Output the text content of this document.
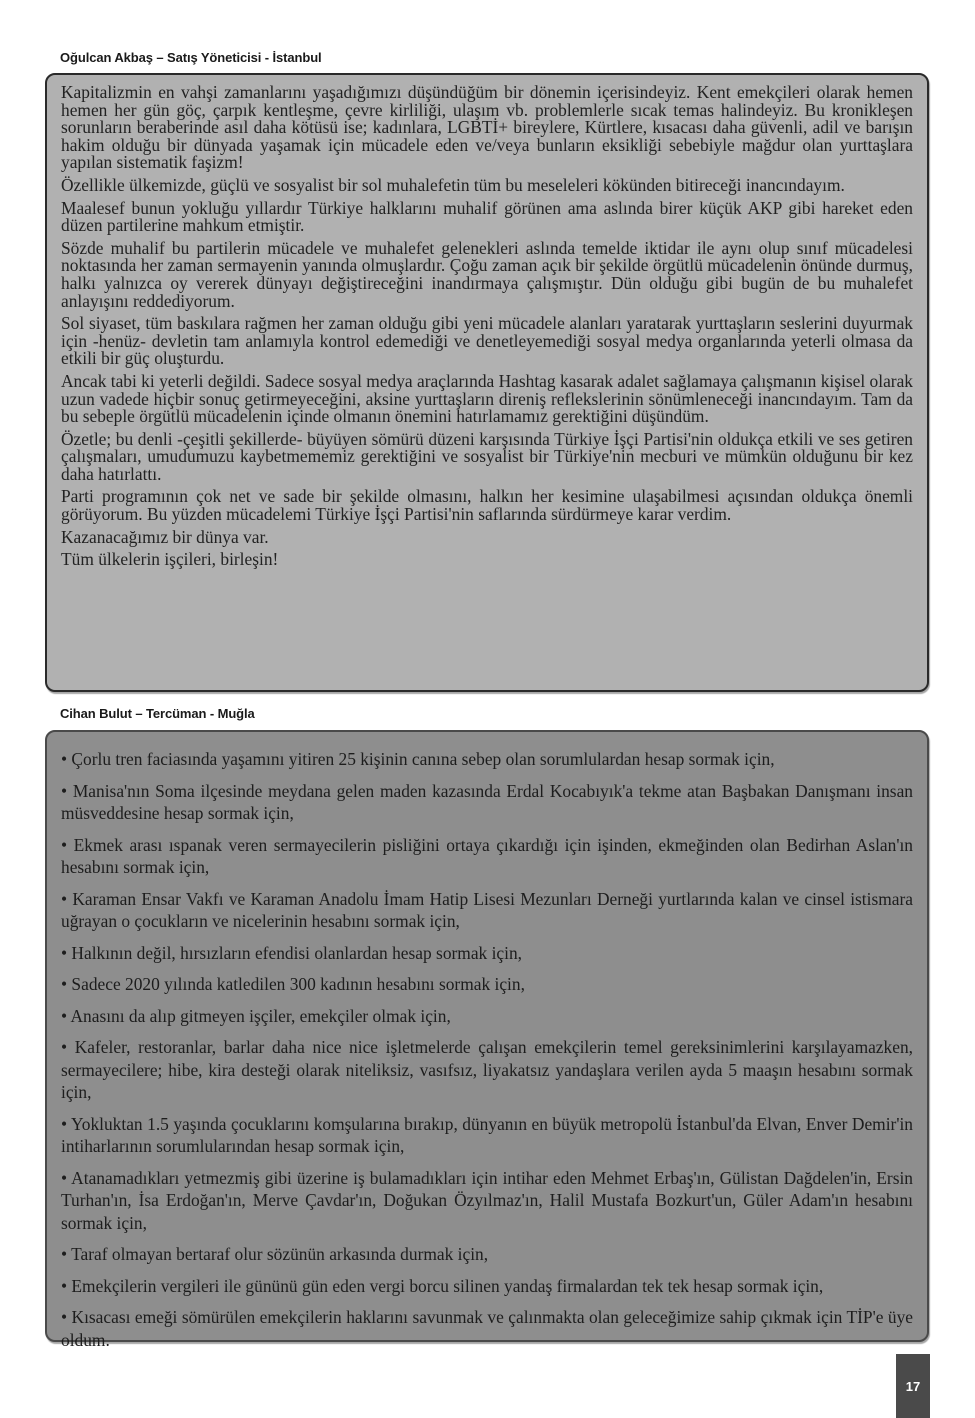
Oğulcan Akbaş – Satış Yöneticisi - İstanbul

Kapitalizmin en vahşi zamanlarını yaşadığımızı düşündüğüm bir dönemin içerisindeyiz. Kent emekçileri olarak hemen hemen her gün göç, çarpık kentleşme, çevre kirliliği, ulaşım vb. problemlerle sıcak temas halindeyiz. Bu kronikleşen sorunların beraberinde asıl daha kötüsü ise; kadınlara, LGBTİ+ bireylere, Kürtlere, kısacası daha güvenli, adil ve barışın hakim olduğu bir dünyada yaşamak için mücadele eden ve/veya bunların eksikliği sebebiyle mağdur olan yurttaşlara yapılan sistematik faşizm!

Özellikle ülkemizde, güçlü ve sosyalist bir sol muhalefetin tüm bu meseleleri kökünden bitireceği inancındayım.

Maalesef bunun yokluğu yıllardır Türkiye halklarını muhalif görünen ama aslında birer küçük AKP gibi hareket eden düzen partilerine mahkum etmiştir.

Sözde muhalif bu partilerin mücadele ve muhalefet gelenekleri aslında temelde iktidar ile aynı olup sınıf mücadelesi noktasında her zaman sermayenin yanında olmuşlardır. Çoğu zaman açık bir şekilde örgütlü mücadelenin önünde durmuş, halkı yalnızca oy vererek dünyayı değiştireceğini inandırmaya çalışmıştır. Dün olduğu gibi bugün de bu muhalefet anlayışını reddediyorum.

Sol siyaset, tüm baskılara rağmen her zaman olduğu gibi yeni mücadele alanları yaratarak yurttaşların seslerini duyurmak için -henüz- devletin tam anlamıyla kontrol edemediği ve denetleyemediği sosyal medya organlarında yeterli olmasa da etkili bir güç oluşturdu.

Ancak tabi ki yeterli değildi. Sadece sosyal medya araçlarında Hashtag kasarak adalet sağlamaya çalışmanın kişisel olarak uzun vadede hiçbir sonuç getirmeyeceğini, aksine yurttaşların direniş reflekslerinin sönümleneceği inancındayım. Tam da bu sebeple örgütlü mücadelenin içinde olmanın önemini hatırlamamız gerektiğini düşündüm.

Özetle; bu denli -çeşitli şekillerde- büyüyen sömürü düzeni karşısında Türkiye İşçi Partisi'nin oldukça etkili ve ses getiren çalışmaları, umudumuzu kaybetmememiz gerektiğini ve sosyalist bir Türkiye'nin mecburi ve mümkün olduğunu bir kez daha hatırlattı.

Parti programının çok net ve sade bir şekilde olmasını, halkın her kesimine ulaşabilmesi açısından oldukça önemli görüyorum. Bu yüzden mücadelemi Türkiye İşçi Partisi'nin saflarında sürdürmeye karar verdim.

Kazanacağımız bir dünya var.

Tüm ülkelerin işçileri, birleşin!

Cihan Bulut – Tercüman - Muğla

• Çorlu tren faciasında yaşamını yitiren 25 kişinin canına sebep olan sorumlulardan hesap sormak için,

• Manisa'nın Soma ilçesinde meydana gelen maden kazasında Erdal Kocabıyık'a tekme atan Başbakan Danışmanı insan müsveddesine hesap sormak için,

• Ekmek arası ıspanak veren sermayecilerin pisliğini ortaya çıkardığı için işinden, ekmeğinden olan Bedirhan Aslan'ın hesabını sormak için,

• Karaman Ensar Vakfı ve Karaman Anadolu İmam Hatip Lisesi Mezunları Derneği yurtlarında kalan ve cinsel istismara uğrayan o çocukların ve nicelerinin hesabını sormak için,

• Halkının değil, hırsızların efendisi olanlardan hesap sormak için,

• Sadece 2020 yılında katledilen 300 kadının hesabını sormak için,

• Anasını da alıp gitmeyen işçiler, emekçiler olmak için,

• Kafeler, restoranlar, barlar daha nice nice işletmelerde çalışan emekçilerin temel gereksinimlerini karşılayamazken, sermayecilere; hibe, kira desteği olarak niteliksiz, vasıfsız, liyakatsız yandaşlara verilen ayda 5 maaşın hesabını sormak için,

• Yokluktan 1.5 yaşında çocuklarını komşularına bırakıp, dünyanın en büyük metropolü İstanbul'da Elvan, Enver Demir'in intiharlarının sorumlularından hesap sormak için,

• Atanamadıkları yetmezmiş gibi üzerine iş bulamadıkları için intihar eden Mehmet Erbaş'ın, Gülistan Dağdelen'in, Ersin Turhan'ın, İsa Erdoğan'ın, Merve Çavdar'ın, Doğukan Özyılmaz'ın, Halil Mustafa Bozkurt'un, Güler Adam'ın hesabını sormak için,

• Taraf olmayan bertaraf olur sözünün arkasında durmak için,

• Emekçilerin vergileri ile gününü gün eden vergi borcu silinen yandaş firmalardan tek tek hesap sormak için,

• Kısacası emeği sömürülen emekçilerin haklarını savunmak ve çalınmakta olan geleceğimize sahip çıkmak için TİP'e üye oldum.

17
